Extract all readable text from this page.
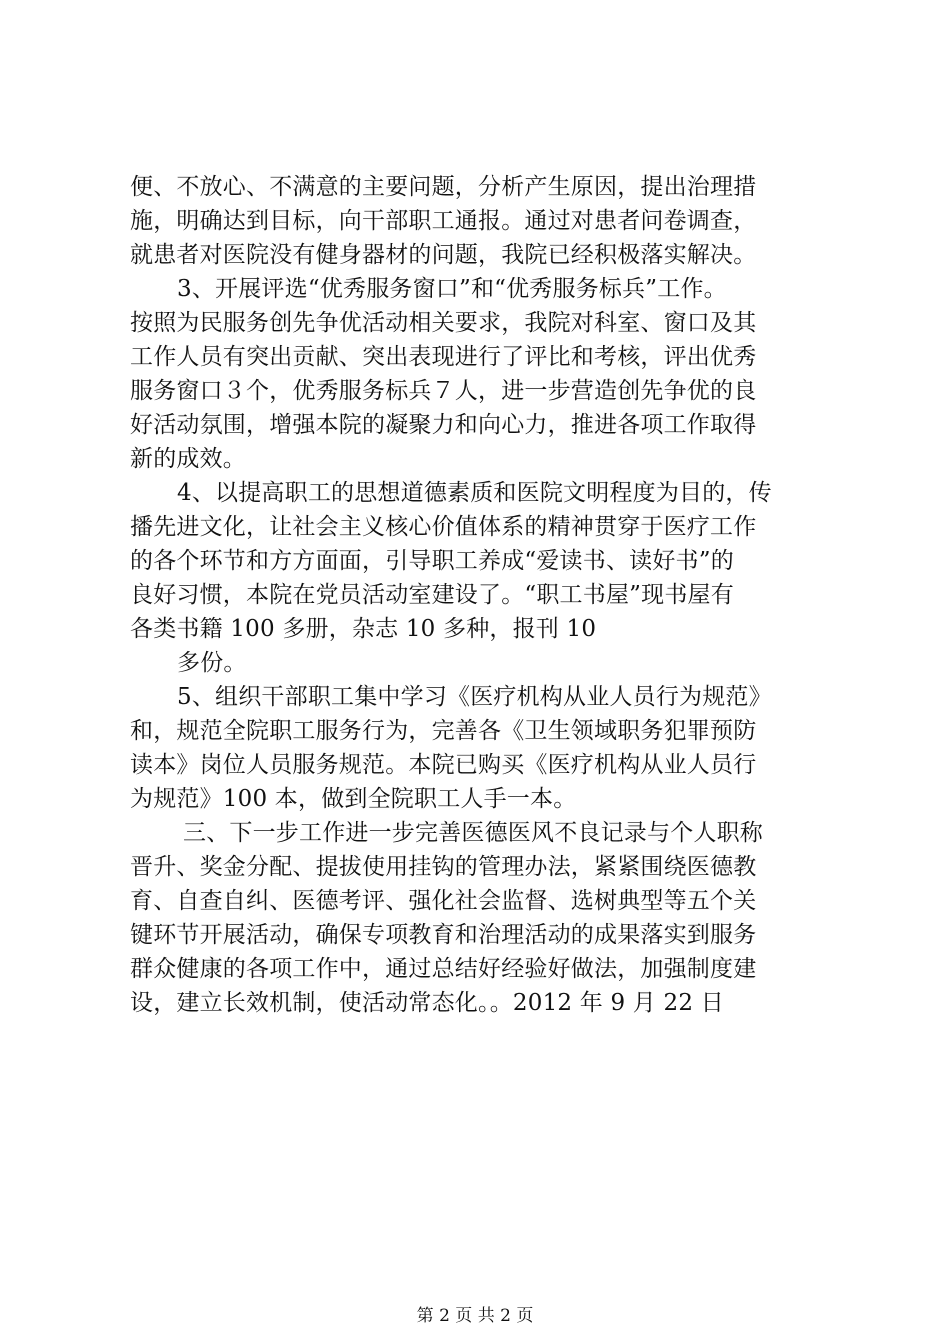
便、不放心、不满意的主要问题，分析产生原因，提出治理措
施，明确达到目标，向干部职工通报。通过对患者问卷调查，
就患者对医院没有健身器材的问题，我院已经积极落实解决。
3、开展评选“优秀服务窗口”和“优秀服务标兵”工作。
按照为民服务创先争优活动相关要求，我院对科室、窗口及其
工作人员有突出贡献、突出表现进行了评比和考核，评出优秀
服务窗口３个，优秀服务标兵７人，进一步营造创先争优的良
好活动氛围，增强本院的凝聚力和向心力，推进各项工作取得
新的成效。
4、以提高职工的思想道德素质和医院文明程度为目的，传
播先进文化，让社会主义核心价值体系的精神贯穿于医疗工作
的各个环节和方方面面，引导职工养成“爱读书、读好书”的
良好习惯，本院在党员活动室建设了。“职工书屋”现书屋有
各类书籍 100 多册，杂志 10 多种，报刊 10
多份。
5、组织干部职工集中学习《医疗机构从业人员行为规范》
和，规范全院职工服务行为，完善各《卫生领域职务犯罪预防
读本》岗位人员服务规范。本院已购买《医疗机构从业人员行
为规范》100 本，做到全院职工人手一本。
三、下一步工作进一步完善医德医风不良记录与个人职称
晋升、奖金分配、提拔使用挂钩的管理办法，紧紧围绕医德教
育、自查自纠、医德考评、强化社会监督、选树典型等五个关
键环节开展活动，确保专项教育和治理活动的成果落实到服务
群众健康的各项工作中，通过总结好经验好做法，加强制度建
设，建立长效机制，使活动常态化。。2012 年 9 月 22 日
第 2 页 共 2 页
